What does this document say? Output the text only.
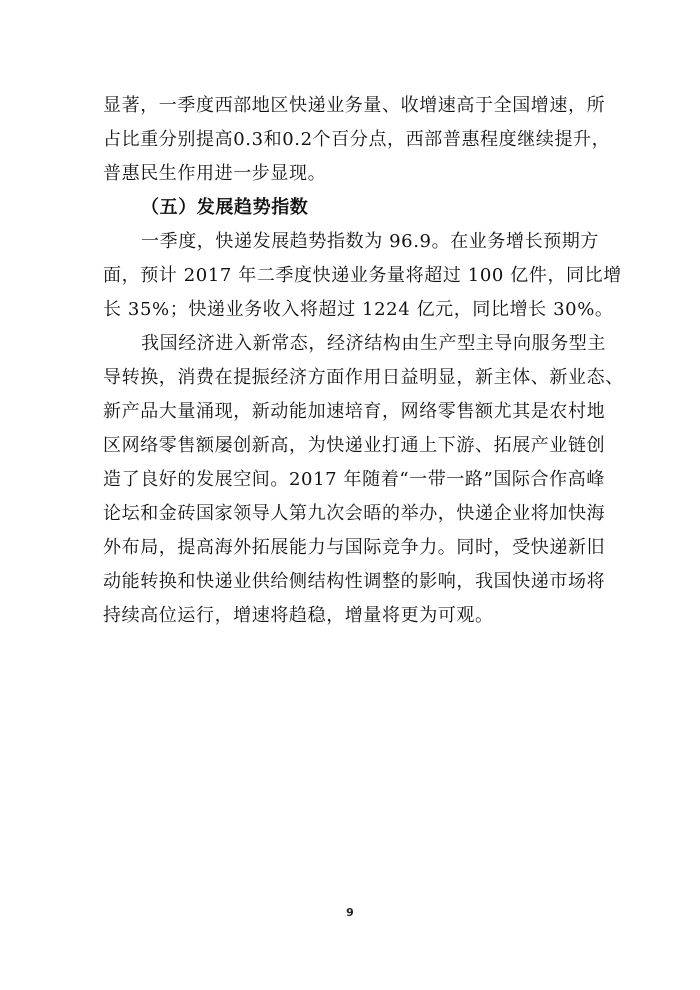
显著，一季度西部地区快递业务量、收增速高于全国增速，所
占比重分别提高0.3和0.2个百分点，西部普惠程度继续提升，
普惠民生作用进一步显现。
（五）发展趋势指数
一季度，快递发展趋势指数为 96.9。在业务增长预期方
面，预计 2017 年二季度快递业务量将超过 100 亿件，同比增
长 35%；快递业务收入将超过 1224 亿元，同比增长 30%。
我国经济进入新常态，经济结构由生产型主导向服务型主
导转换，消费在提振经济方面作用日益明显，新主体、新业态、
新产品大量涌现，新动能加速培育，网络零售额尤其是农村地
区网络零售额屡创新高，为快递业打通上下游、拓展产业链创
造了良好的发展空间。2017 年随着“一带一路”国际合作高峰
论坛和金砖国家领导人第九次会晤的举办，快递企业将加快海
外布局，提高海外拓展能力与国际竞争力。同时，受快递新旧
动能转换和快递业供给侧结构性调整的影响，我国快递市场将
持续高位运行，增速将趋稳，增量将更为可观。
9
